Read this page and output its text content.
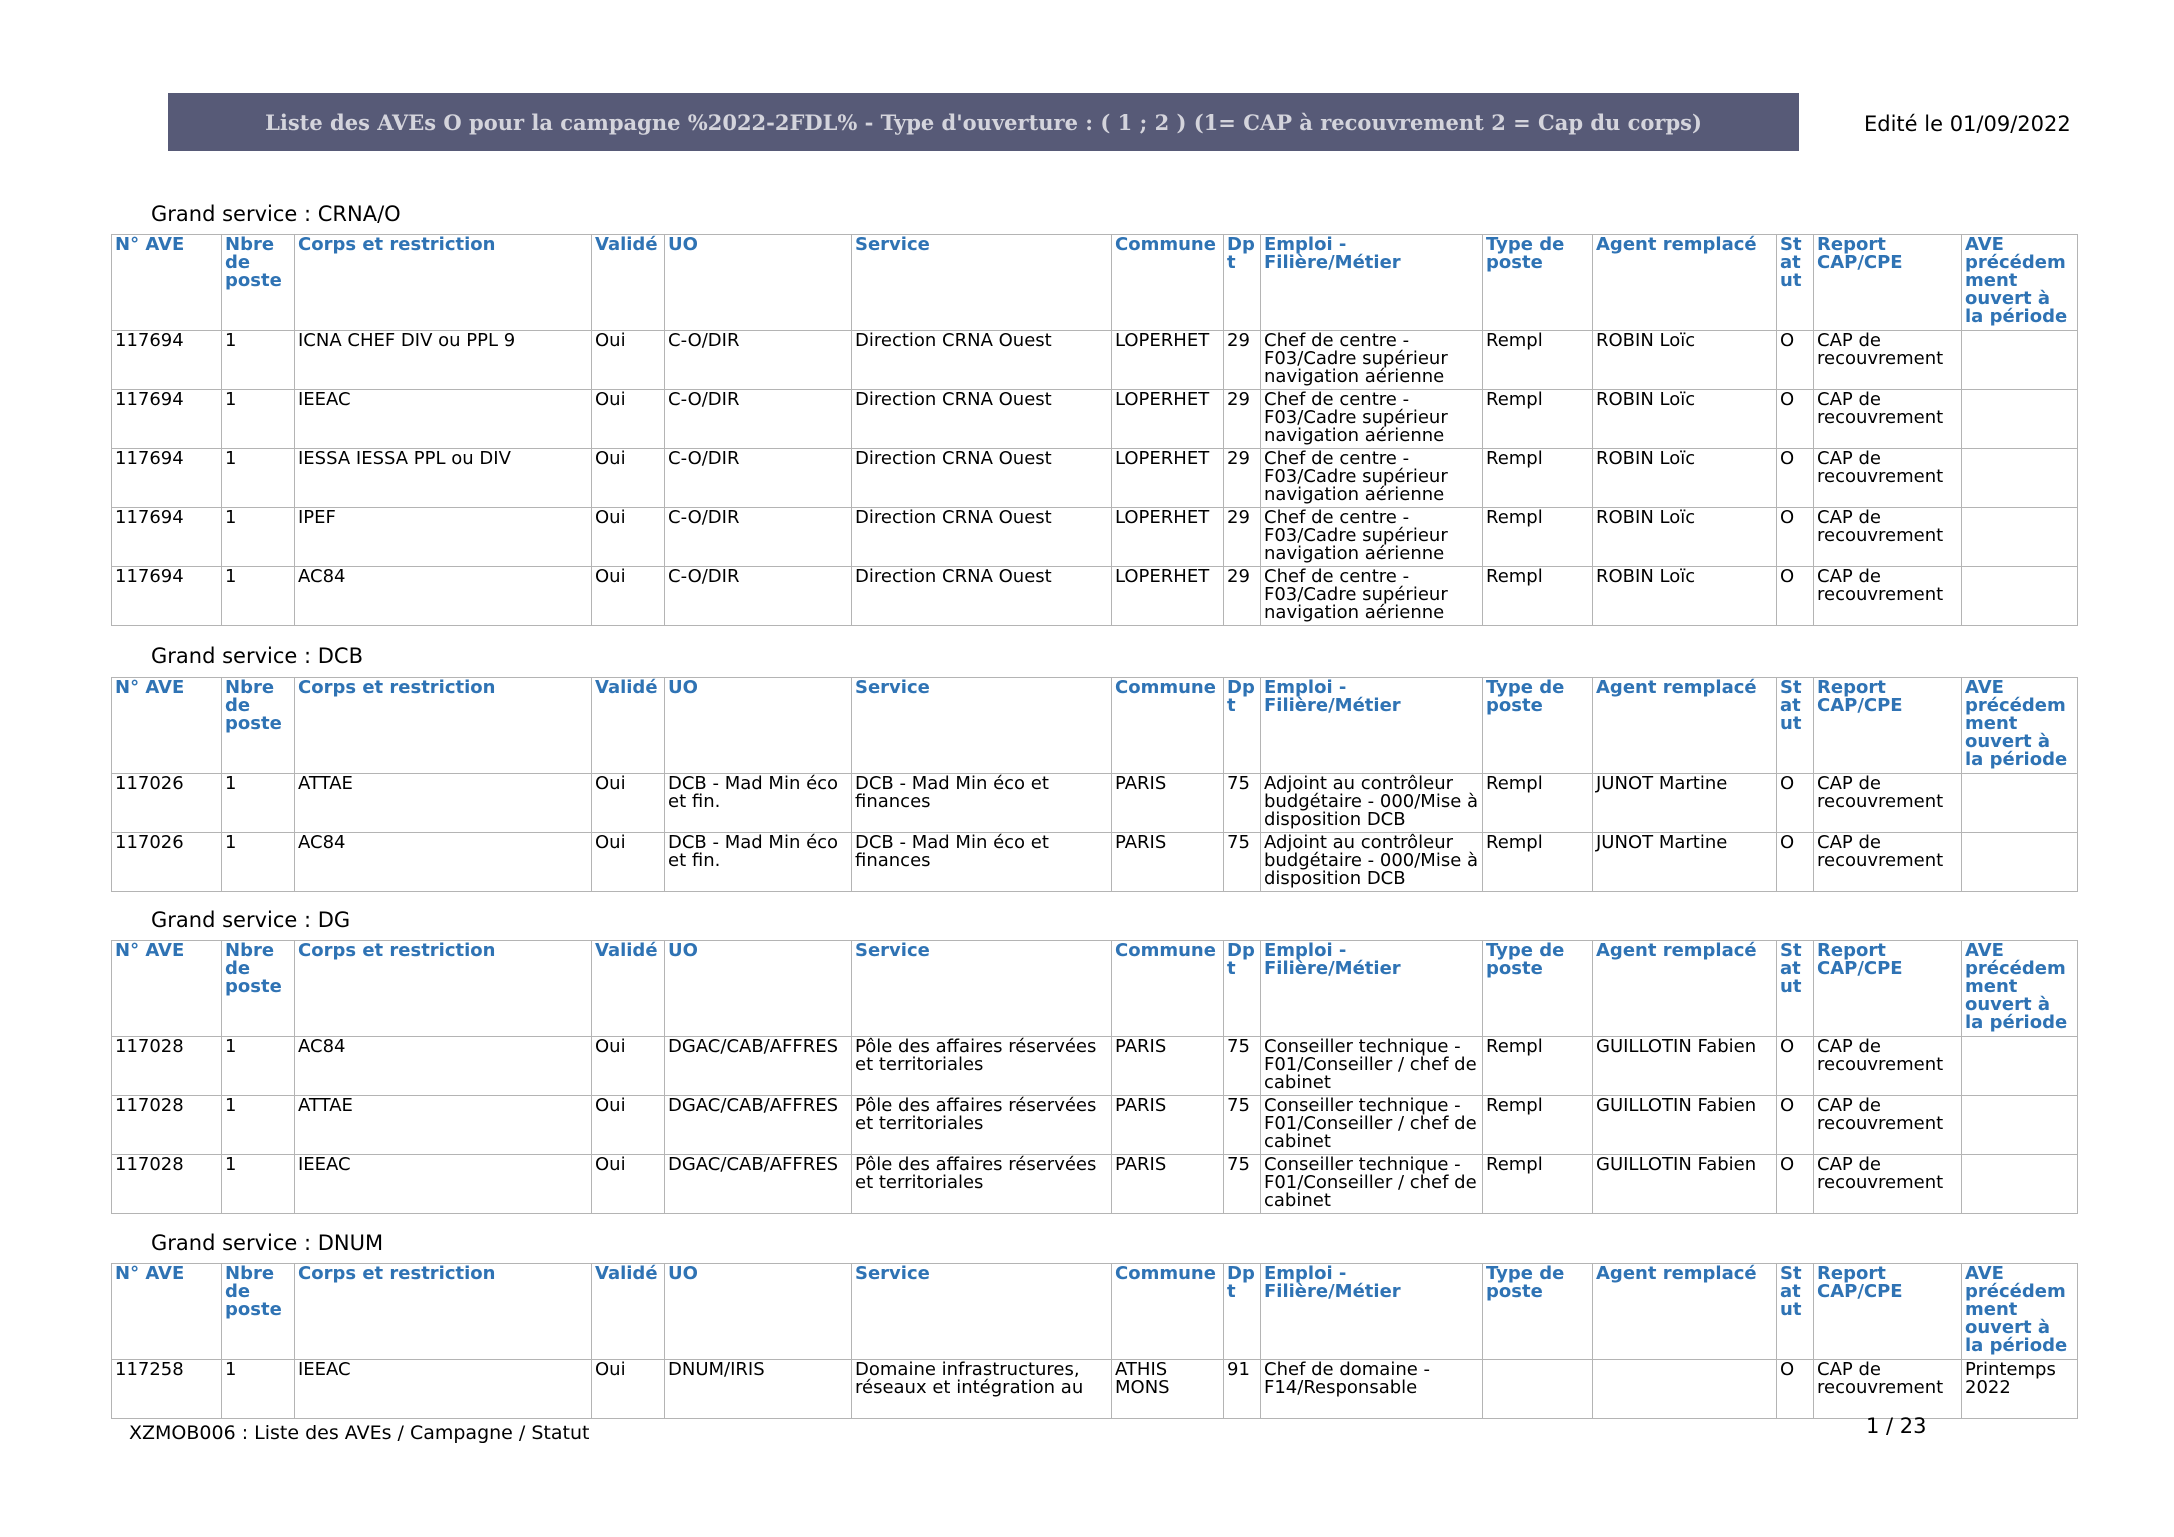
Liste des AVEs O pour la campagne %2022-2FDL% - Type d'ouverture : ( 1 ; 2 ) (1= CAP à recouvrement 2 = Cap du corps)	Edité le 01/09/2022
Grand service : CRNA/O
N° AVE	Nbre
de
poste	Corps et restriction	Validé	UO	Service	Commune	Dp
t	Emploi -
Filière/Métier	Type de
poste	Agent remplacé	St
at
ut	Report
CAP/CPE	AVE
précédem
ment
ouvert à
la période
117694	1	ICNA CHEF DIV ou PPL 9	Oui	C-O/DIR	Direction CRNA Ouest	LOPERHET	29	Chef de centre - F03/Cadre supérieur navigation aérienne	Rempl	ROBIN Loïc	O	CAP de recouvrement	
117694	1	IEEAC	Oui	C-O/DIR	Direction CRNA Ouest	LOPERHET	29	Chef de centre - F03/Cadre supérieur navigation aérienne	Rempl	ROBIN Loïc	O	CAP de recouvrement	
117694	1	IESSA IESSA PPL ou DIV	Oui	C-O/DIR	Direction CRNA Ouest	LOPERHET	29	Chef de centre - F03/Cadre supérieur navigation aérienne	Rempl	ROBIN Loïc	O	CAP de recouvrement	
117694	1	IPEF	Oui	C-O/DIR	Direction CRNA Ouest	LOPERHET	29	Chef de centre - F03/Cadre supérieur navigation aérienne	Rempl	ROBIN Loïc	O	CAP de recouvrement	
117694	1	AC84	Oui	C-O/DIR	Direction CRNA Ouest	LOPERHET	29	Chef de centre - F03/Cadre supérieur navigation aérienne	Rempl	ROBIN Loïc	O	CAP de recouvrement	
Grand service : DCB
N° AVE	Nbre
de
poste	Corps et restriction	Validé	UO	Service	Commune	Dp
t	Emploi -
Filière/Métier	Type de
poste	Agent remplacé	St
at
ut	Report
CAP/CPE	AVE
précédem
ment
ouvert à
la période
117026	1	ATTAE	Oui	DCB - Mad Min éco et fin.	DCB - Mad Min éco et finances	PARIS	75	Adjoint au contrôleur budgétaire - 000/Mise à disposition DCB	Rempl	JUNOT Martine	O	CAP de recouvrement	
117026	1	AC84	Oui	DCB - Mad Min éco et fin.	DCB - Mad Min éco et finances	PARIS	75	Adjoint au contrôleur budgétaire - 000/Mise à disposition DCB	Rempl	JUNOT Martine	O	CAP de recouvrement	
Grand service : DG
N° AVE	Nbre
de
poste	Corps et restriction	Validé	UO	Service	Commune	Dp
t	Emploi -
Filière/Métier	Type de
poste	Agent remplacé	St
at
ut	Report
CAP/CPE	AVE
précédem
ment
ouvert à
la période
117028	1	AC84	Oui	DGAC/CAB/AFFRES	Pôle des affaires réservées et territoriales	PARIS	75	Conseiller technique - F01/Conseiller / chef de cabinet	Rempl	GUILLOTIN Fabien	O	CAP de recouvrement	
117028	1	ATTAE	Oui	DGAC/CAB/AFFRES	Pôle des affaires réservées et territoriales	PARIS	75	Conseiller technique - F01/Conseiller / chef de cabinet	Rempl	GUILLOTIN Fabien	O	CAP de recouvrement	
117028	1	IEEAC	Oui	DGAC/CAB/AFFRES	Pôle des affaires réservées et territoriales	PARIS	75	Conseiller technique - F01/Conseiller / chef de cabinet	Rempl	GUILLOTIN Fabien	O	CAP de recouvrement	
Grand service : DNUM
N° AVE	Nbre
de
poste	Corps et restriction	Validé	UO	Service	Commune	Dp
t	Emploi -
Filière/Métier	Type de
poste	Agent remplacé	St
at
ut	Report
CAP/CPE	AVE
précédem
ment
ouvert à
la période
117258	1	IEEAC	Oui	DNUM/IRIS	Domaine infrastructures, réseaux et intégration au	ATHIS MONS	91	Chef de domaine - F14/Responsable			O	CAP de recouvrement	Printemps 2022
XZMOB006 : Liste des AVEs / Campagne / Statut	1 / 23
